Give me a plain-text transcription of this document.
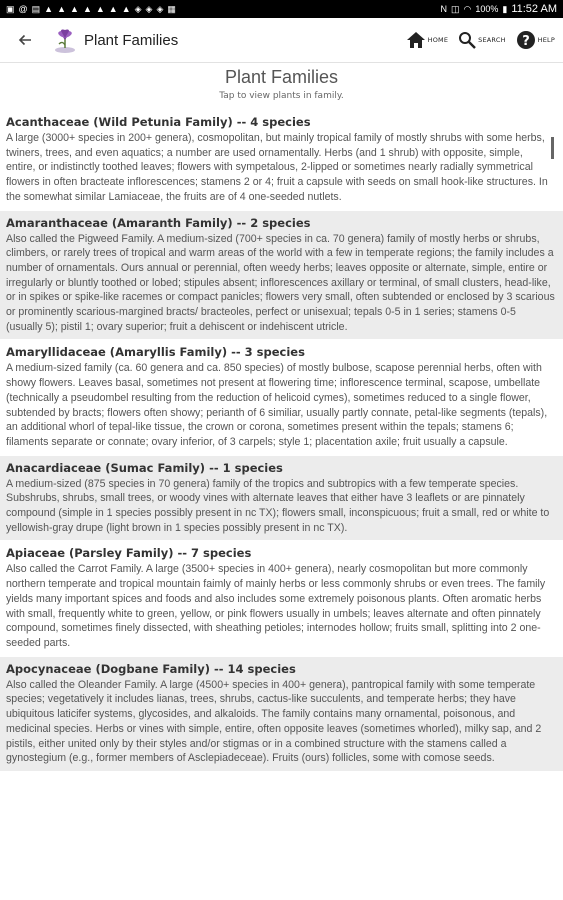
▣ @ ▤ ▲ ▲ ▲ ▲ ▲ ▲ ▲ ◈ ◈ ◈ ▦	N ◫ ◠ 100% ▮ 11:52 AM
Plant Families	HOME	SEARCH ? HELP
Plant Families
Tap to view plants in family.
Acanthaceae (Wild Petunia Family) -- 4 species
A large (3000+ species in 200+ genera), cosmopolitan, but mainly tropical family of mostly shrubs with some herbs, twiners, trees, and even aquatics; a number are used ornamentally. Herbs (and 1 shrub) with opposite, simple, entire, or indistinctly toothed leaves; flowers with sympetalous, 2-lipped or sometimes nearly radially symmetrical flowers in often bracteate inflorescences; stamens 2 or 4; fruit a capsule with seeds on small hook-like structures. In the somewhat similar Lamiaceae, the fruits are of 4 one-seeded nutlets.
Amaranthaceae (Amaranth Family) -- 2 species
Also called the Pigweed Family. A medium-sized (700+ species in ca. 70 genera) family of mostly herbs or shrubs, climbers, or rarely trees of tropical and warm areas of the world with a few in temperate regions; the family includes a number of ornamentals. Ours annual or perennial, often weedy herbs; leaves opposite or alternate, simple, entire or irregularly or bluntly toothed or lobed; stipules absent; inflorescences axillary or terminal, of small clusters, head-like, or in spikes or spike-like racemes or compact panicles; flowers very small, often subtended or enclosed by 3 scarious or prominently scarious-margined bracts/ bracteoles, perfect or unisexual; tepals 0-5 in 1 series; stamens 0-5 (usually 5); pistil 1; ovary superior; fruit a dehiscent or indehiscent utricle.
Amaryllidaceae (Amaryllis Family) -- 3 species
A medium-sized family (ca. 60 genera and ca. 850 species) of mostly bulbose, scapose perennial herbs, often with showy flowers. Leaves basal, sometimes not present at flowering time; inflorescence terminal, scapose, umbellate (technically a pseudombel resulting from the reduction of helicoid cymes), sometimes reduced to a single flower, subtended by bracts; flowers often showy; perianth of 6 similiar, usually partly connate, petal-like segments (tepals), an additional whorl of tepal-like tissue, the crown or corona, sometimes present within the tepals; stamens 6; filaments separate or connate; ovary inferior, of 3 carpels; style 1; placentation axile; fruit usually a capsule.
Anacardiaceae (Sumac Family) -- 1 species
A medium-sized (875 species in 70 genera) family of the tropics and subtropics with a few temperate species. Subshrubs, shrubs, small trees, or woody vines with alternate leaves that either have 3 leaflets or are pinnately compound (simple in 1 species possibly present in nc TX); flowers small, inconspicuous; fruit a small, red or white to yellowish-gray drupe (light brown in 1 species possibly present in nc TX).
Apiaceae (Parsley Family) -- 7 species
Also called the Carrot Family. A large (3500+ species in 400+ genera), nearly cosmopolitan but more commonly northern temperate and tropical mountain faimly of mainly herbs or less commonly shrubs or even trees. The family yields many important spices and foods and also includes some extremely poisonous plants. Often aromatic herbs with small, frequently white to green, yellow, or pink flowers usually in umbels; leaves alternate and often pinnately compound, sometimes finely dissected, with sheathing petioles; internodes hollow; fruits small, splitting into 2 one-seeded parts.
Apocynaceae (Dogbane Family) -- 14 species
Also called the Oleander Family. A large (4500+ species in 400+ genera), pantropical family with some temperate species; vegetatively it includes lianas, trees, shrubs, cactus-like succulents, and temperate herbs; they have ubiquitous laticifer systems, glycosides, and alkaloids. The family contains many ornamental, poisonous, and medicinal species. Herbs or vines with simple, entire, often opposite leaves (sometimes whorled), milky sap, and 2 pistils, either united only by their styles and/or stigmas or in a combined structure with the stamens called a gynostegium (e.g., former members of Asclepiadeceae). Fruits (ours) follicles, some with comose seeds.
